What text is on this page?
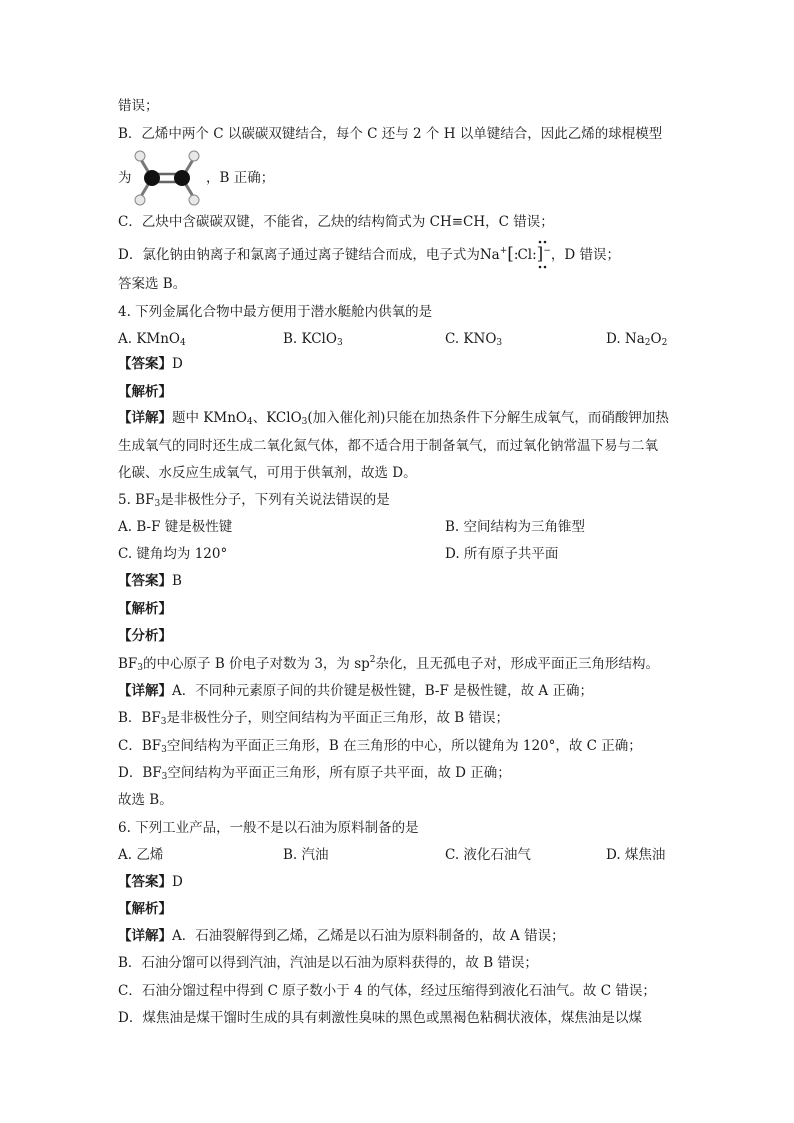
错误；
B．乙烯中两个 C 以碳碳双键结合，每个 C 还与 2 个 H 以单键结合，因此乙烯的球棍模型
为	，B 正确；
C．乙炔中含碳碳双键，不能省，乙炔的结构简式为 CH≡CH，C 错误；
D．氯化钠由钠离子和氯离子通过离子键结合而成，电子式为Na+[:Cl:]−，D 错误；
答案选 B。
4. 下列金属化合物中最方便用于潜水艇舱内供氧的是
A. KMnO$_4$	B. KClO$_3$	C. $KNO_3$	D. $Na_2O_2$
【答案】D
【解析】
【详解】题中 KMnO$_4$、KClO$_3$(加入催化剂)只能在加热条件下分解生成氧气，而硝酸钾加热
生成氧气的同时还生成二氧化氮气体，都不适合用于制备氧气，而过氧化钠常温下易与二氧
化碳、水反应生成氧气，可用于供氧剂，故选 D。
5. $BF_3$是非极性分子，下列有关说法错误的是
A. B-F 键是极性键	B. 空间结构为三角锥型
C. 键角均为 120°	D. 所有原子共平面
【答案】B
【解析】
【分析】
$BF_3$的中心原子 B 价电子对数为 3，为 $sp^2$杂化，且无孤电子对，形成平面正三角形结构。
【详解】A．不同种元素原子间的共价键是极性键，B-F 是极性键，故 A 正确；
B．$BF_3$是非极性分子，则空间结构为平面正三角形，故 B 错误；
C．$BF_3$空间结构为平面正三角形，B 在三角形的中心，所以键角为 120°，故 C 正确；
D．$BF_3$空间结构为平面正三角形，所有原子共平面，故 D 正确；
故选 B。
6. 下列工业产品，一般不是以石油为原料制备的是
A. 乙烯	B. 汽油	C. 液化石油气	D. 煤焦油
【答案】D
【解析】
【详解】A．石油裂解得到乙烯，乙烯是以石油为原料制备的，故 A 错误；
B．石油分馏可以得到汽油，汽油是以石油为原料获得的，故 B 错误；
C．石油分馏过程中得到 C 原子数小于 4 的气体，经过压缩得到液化石油气。故 C 错误；
D．煤焦油是煤干馏时生成的具有刺激性臭味的黑色或黑褐色粘稠状液体，煤焦油是以煤
